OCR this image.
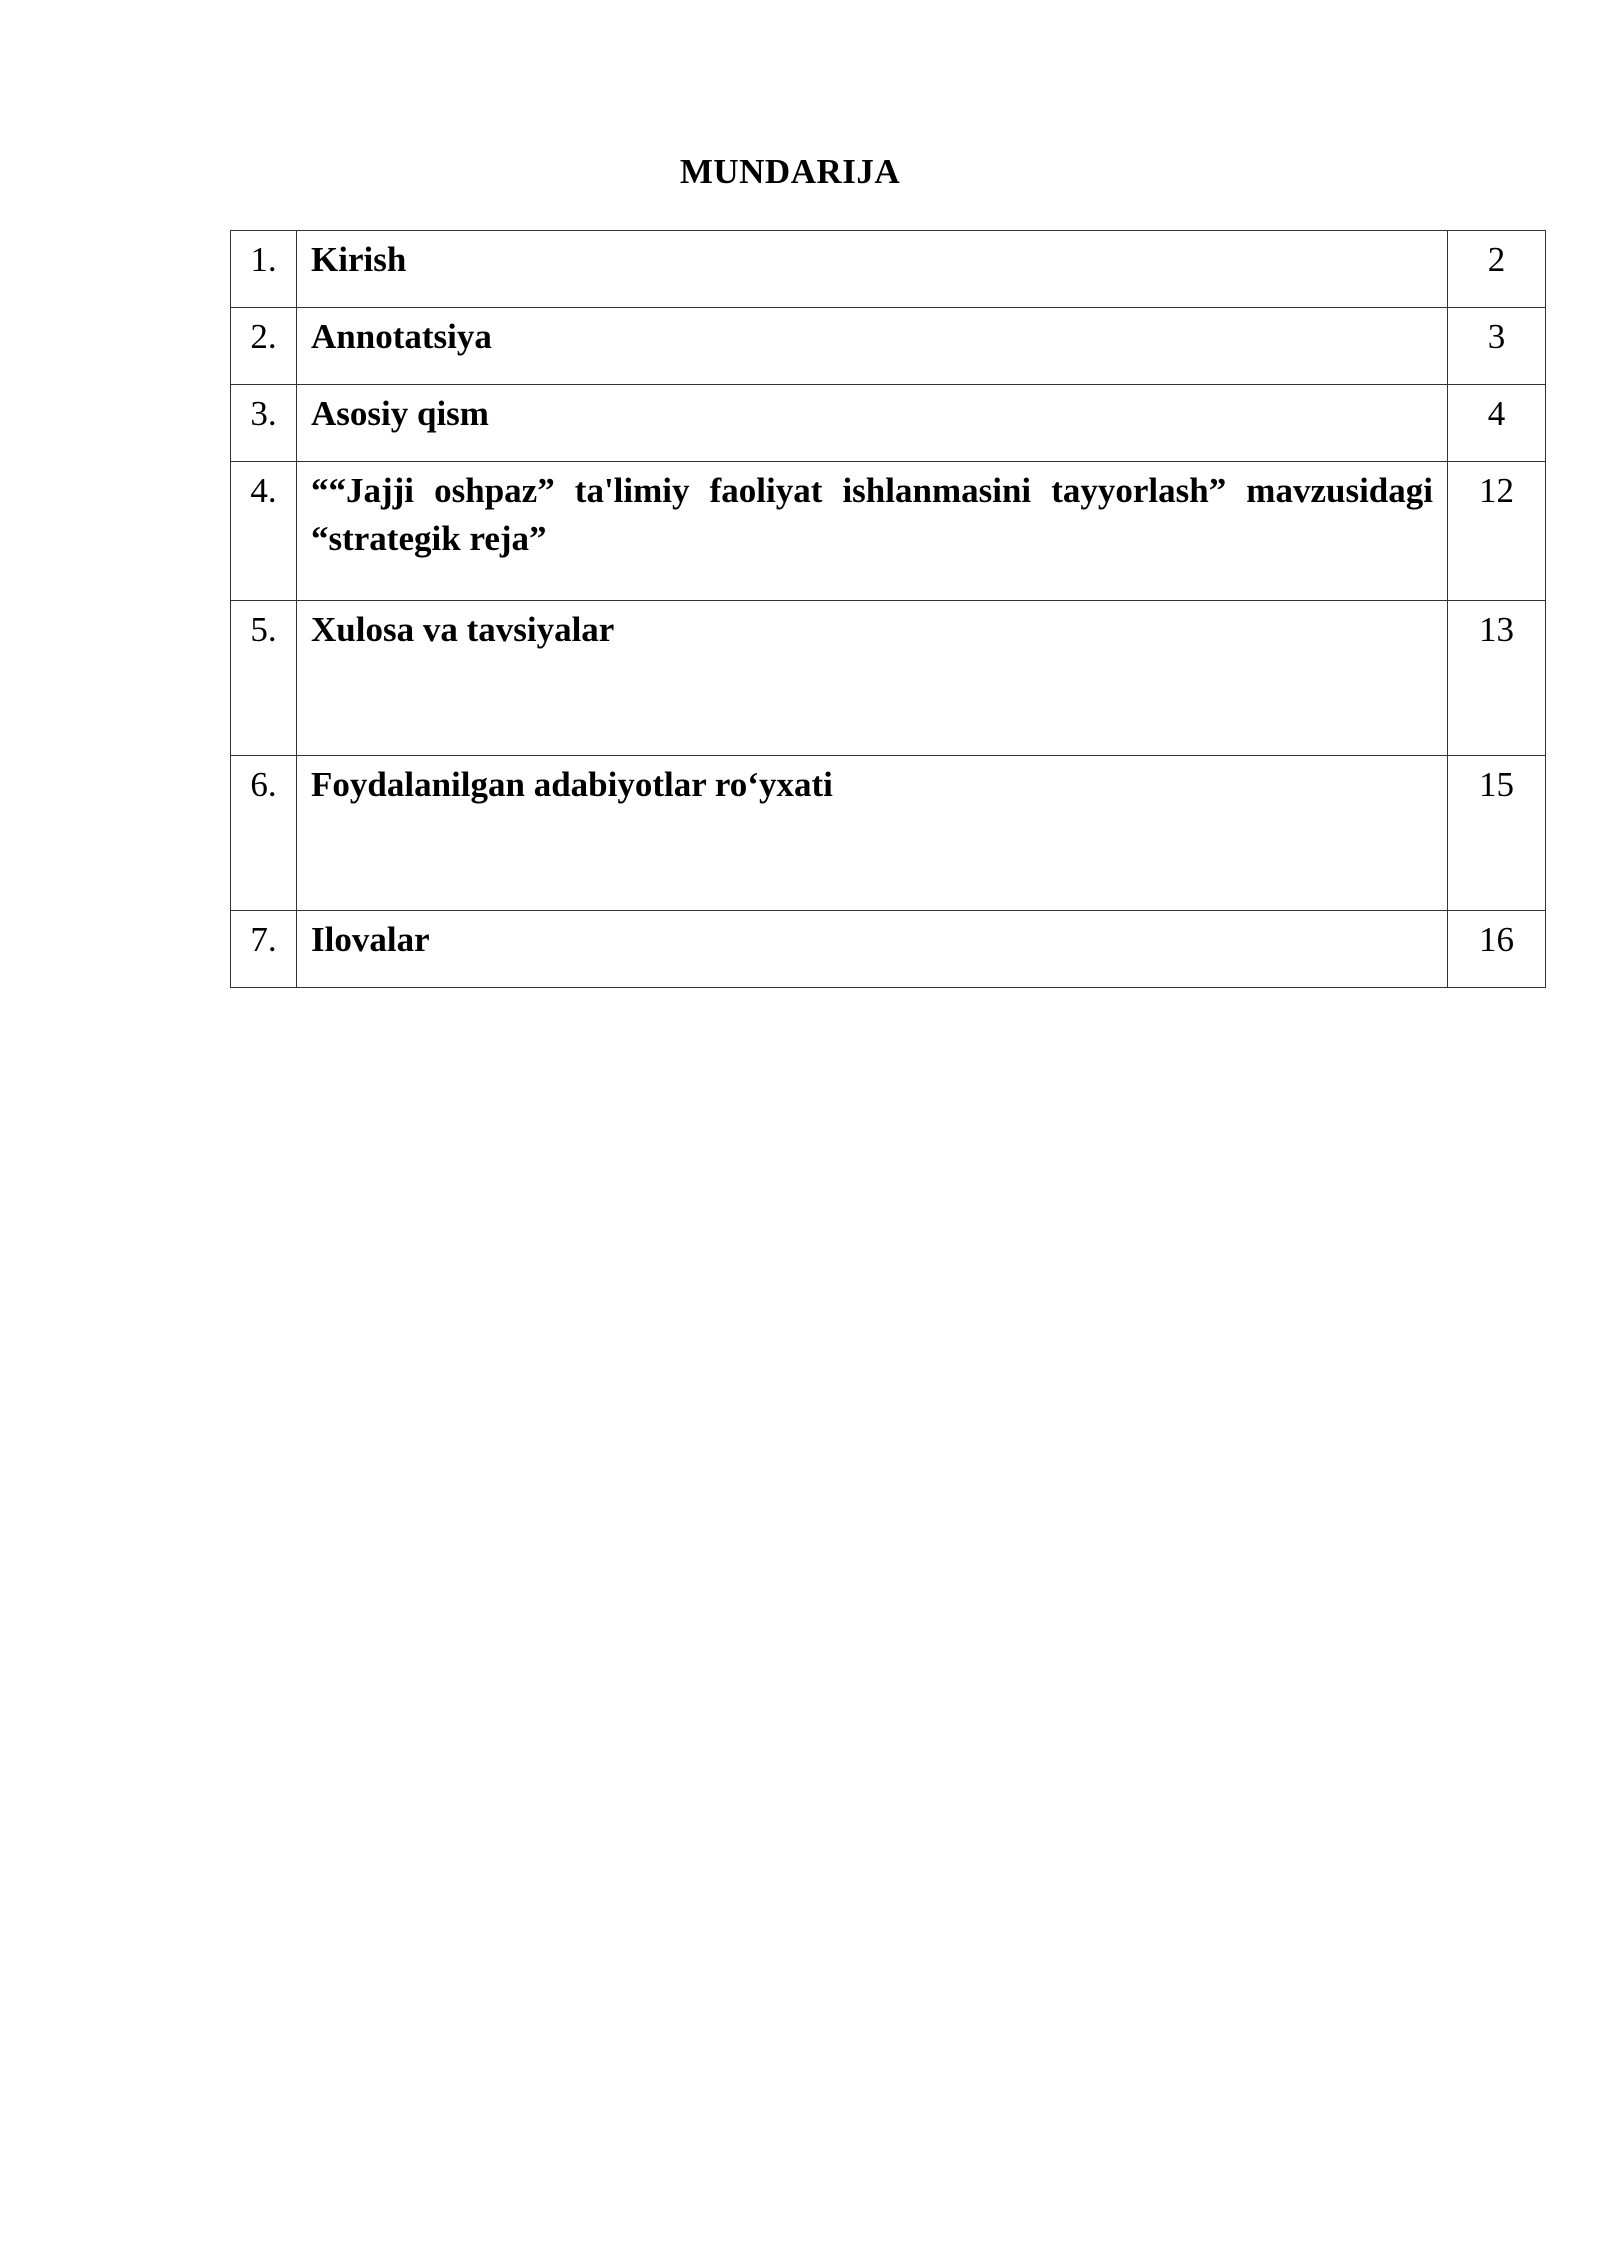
MUNDARIJA
1.	Kirish	2
2.	Annotatsiya	3
3.	Asosiy qism	4
4.	““Jajji oshpaz” ta'limiy faoliyat ishlanmasini tayyorlash” mavzusidagi “strategik reja”	12
5.	Xulosa va tavsiyalar	13
6.	Foydalanilgan adabiyotlar ro‘yxati	15
7.	Ilovalar	16
